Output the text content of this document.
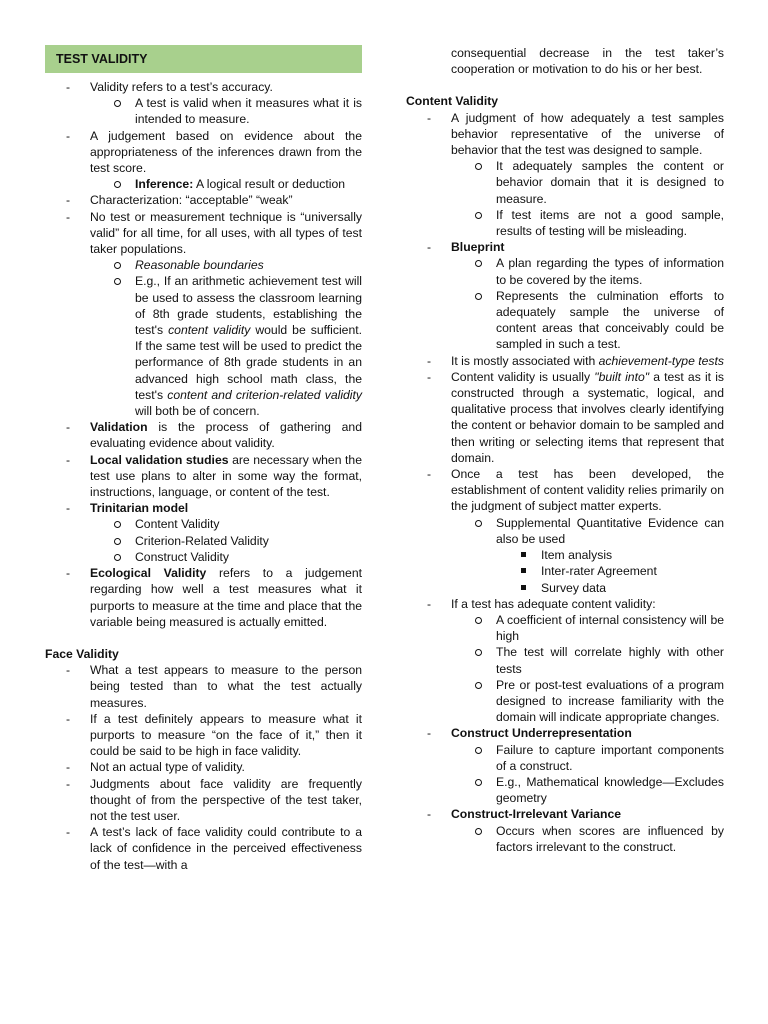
TEST VALIDITY
- Validity refers to a test’s accuracy.
A test is valid when it measures what it is intended to measure.
- A judgement based on evidence about the appropriateness of the inferences drawn from the test score.
Inference: A logical result or deduction
- Characterization: “acceptable” “weak”
- No test or measurement technique is “universally valid” for all time, for all uses, with all types of test taker populations.
Reasonable boundaries
E.g., If an arithmetic achievement test will be used to assess the classroom learning of 8th grade students, establishing the test's content validity would be sufficient. If the same test will be used to predict the performance of 8th grade students in an advanced high school math class, the test's content and criterion-related validity will both be of concern.
- Validation is the process of gathering and evaluating evidence about validity.
- Local validation studies are necessary when the test use plans to alter in some way the format, instructions, language, or content of the test.
- Trinitarian model
Content Validity
Criterion-Related Validity
Construct Validity
- Ecological Validity refers to a judgement regarding how well a test measures what it purports to measure at the time and place that the variable being measured is actually emitted.

Face Validity

- What a test appears to measure to the person being tested than to what the test actually measures.
- If a test definitely appears to measure what it purports to measure “on the face of it,” then it could be said to be high in face validity.
- Not an actual type of validity.
- Judgments about face validity are frequently thought of from the perspective of the test taker, not the test user.
- A test’s lack of face validity could contribute to a lack of confidence in the perceived effectiveness of the test—with a
consequential decrease in the test taker’s cooperation or motivation to do his or her best.

Content Validity

- A judgment of how adequately a test samples behavior representative of the universe of behavior that the test was designed to sample.
It adequately samples the content or behavior domain that it is designed to measure.
If test items are not a good sample, results of testing will be misleading.
- Blueprint
A plan regarding the types of information to be covered by the items.
Represents the culmination efforts to adequately sample the universe of content areas that conceivably could be sampled in such a test.
- It is mostly associated with achievement-type tests
- Content validity is usually "built into" a test as it is constructed through a systematic, logical, and qualitative process that involves clearly identifying the content or behavior domain to be sampled and then writing or selecting items that represent that domain.
- Once a test has been developed, the establishment of content validity relies primarily on the judgment of subject matter experts.
Supplemental Quantitative Evidence can also be used
Item analysis
Inter-rater Agreement
Survey data
- If a test has adequate content validity:
A coefficient of internal consistency will be high
The test will correlate highly with other tests
Pre or post-test evaluations of a program designed to increase familiarity with the domain will indicate appropriate changes.
- Construct Underrepresentation
Failure to capture important components of a construct.
E.g., Mathematical knowledge—Excludes geometry
- Construct-Irrelevant Variance
Occurs when scores are influenced by factors irrelevant to the construct.
